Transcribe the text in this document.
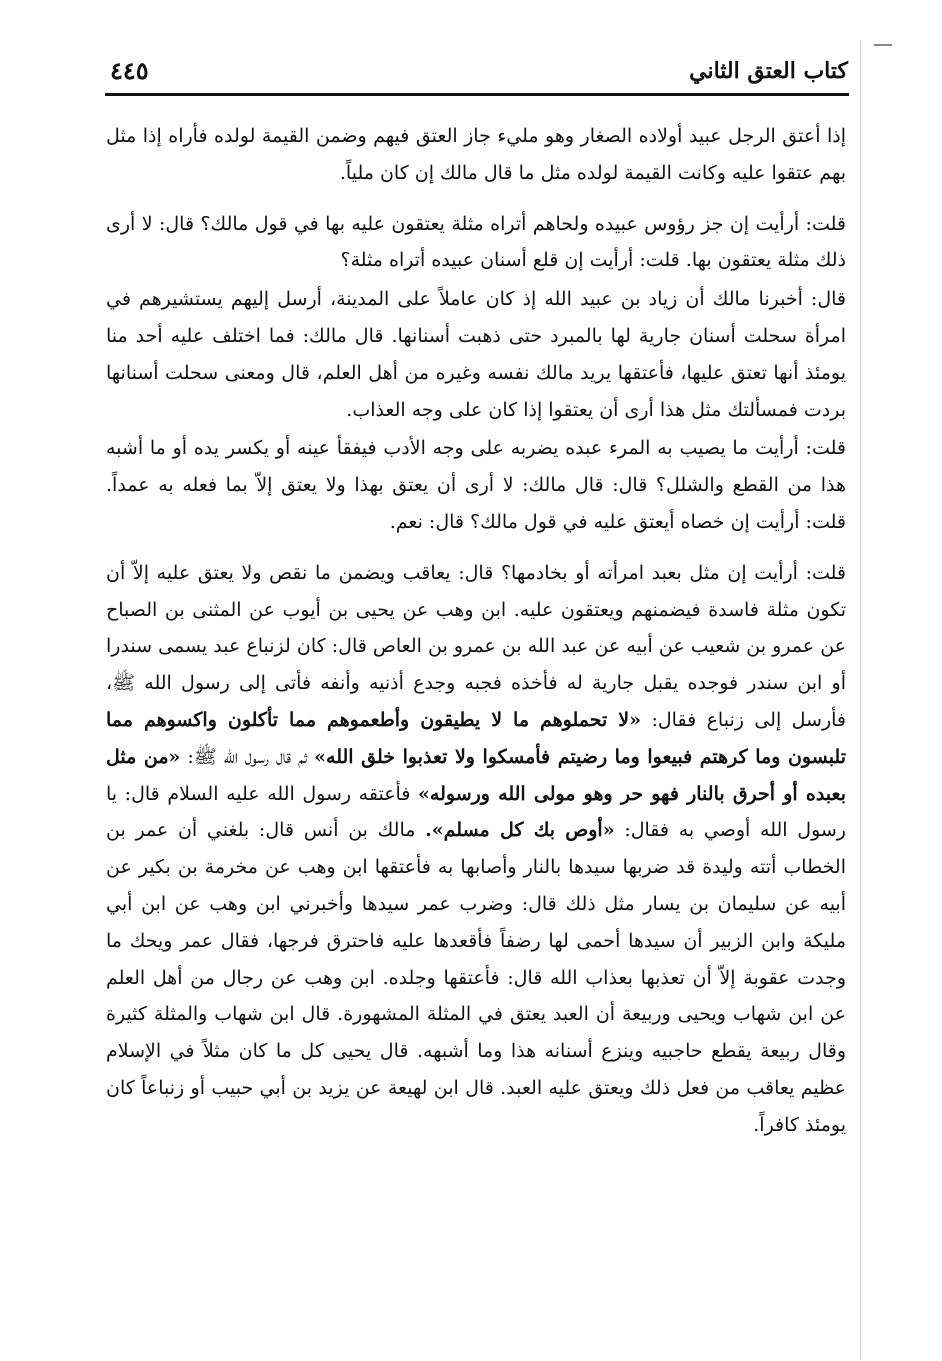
كتاب العتق الثاني
٤٤٥

إذا أعتق الرجل عبيد أولاده الصغار وهو مليء جاز العتق فيهم وضمن القيمة لولده فأراه إذا مثل بهم عتقوا عليه وكانت القيمة لولده مثل ما قال مالك إن كان ملياً.

قلت: أرأيت إن جز رؤوس عبيده ولحاهم أتراه مثلة يعتقون عليه بها في قول مالك؟ قال: لا أرى ذلك مثلة يعتقون بها. قلت: أرأيت إن قلع أسنان عبيده أتراه مثلة؟

قال: أخبرنا مالك أن زياد بن عبيد الله إذ كان عاملاً على المدينة، أرسل إليهم يستشيرهم في امرأة سحلت أسنان جارية لها بالمبرد حتى ذهبت أسنانها. قال مالك: فما اختلف عليه أحد منا يومئذ أنها تعتق عليها، فأعتقها يريد مالك نفسه وغيره من أهل العلم، قال ومعنى سحلت أسنانها بردت فمسألتك مثل هذا أرى أن يعتقوا إذا كان على وجه العذاب.

قلت: أرأيت ما يصيب به المرء عبده يضربه على وجه الأدب فيفقأ عينه أو يكسر يده أو ما أشبه هذا من القطع والشلل؟ قال: قال مالك: لا أرى أن يعتق بهذا ولا يعتق إلاّ بما فعله به عمداً. قلت: أرأيت إن خصاه أيعتق عليه في قول مالك؟ قال: نعم.

قلت: أرأيت إن مثل بعبد امرأته أو بخادمها؟ قال: يعاقب ويضمن ما نقص ولا يعتق عليه إلاّ أن تكون مثلة فاسدة فيضمنهم ويعتقون عليه. ابن وهب عن يحيى بن أيوب عن المثنى بن الصباح عن عمرو بن شعيب عن أبيه عن عبد الله بن عمرو بن العاص قال: كان لزنباع عبد يسمى سندرا أو ابن سندر فوجده يقبل جارية له فأخذه فجبه وجدع أذنيه وأنفه فأتى إلى رسول الله ﷺ، فأرسل إلى زنباع فقال: «لا تحملوهم ما لا يطيقون وأطعموهم مما تأكلون واكسوهم مما تلبسون وما كرهتم فبيعوا وما رضيتم فأمسكوا ولا تعذبوا خلق الله» ثم قال رسول الله ﷺ: «من مثل بعبده أو أحرق بالنار فهو حر وهو مولى الله ورسوله» فأعتقه رسول الله عليه السلام قال: يا رسول الله أوصي به فقال: «أوص بك كل مسلم». مالك بن أنس قال: بلغني أن عمر بن الخطاب أتته وليدة قد ضربها سيدها بالنار وأصابها به فأعتقها ابن وهب عن مخرمة بن بكير عن أبيه عن سليمان بن يسار مثل ذلك قال: وضرب عمر سيدها وأخبرني ابن وهب عن ابن أبي مليكة وابن الزبير أن سيدها أحمى لها رضفاً فأقعدها عليه فاحترق فرجها، فقال عمر ويحك ما وجدت عقوبة إلاّ أن تعذبها بعذاب الله قال: فأعتقها وجلده. ابن وهب عن رجال من أهل العلم عن ابن شهاب ويحيى وربيعة أن العبد يعتق في المثلة المشهورة. قال ابن شهاب والمثلة كثيرة وقال ربيعة يقطع حاجبيه وينزع أسنانه هذا وما أشبهه. قال يحيى كل ما كان مثلاً في الإسلام عظيم يعاقب من فعل ذلك ويعتق عليه العبد. قال ابن لهيعة عن يزيد بن أبي حبيب أو زنباعاً كان يومئذ كافراً.
